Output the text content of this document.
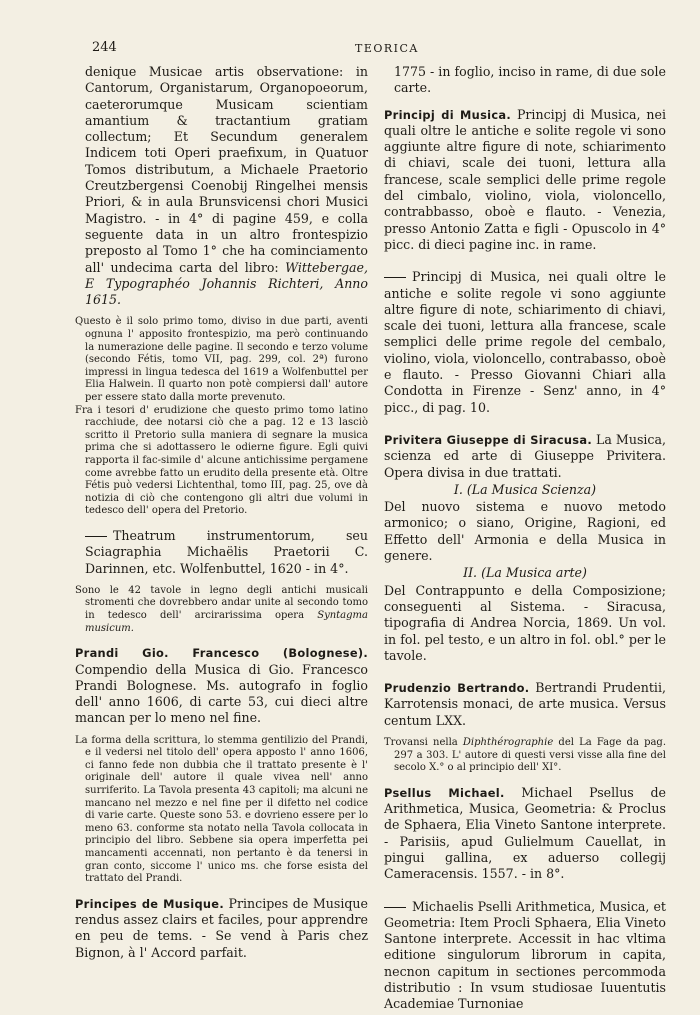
244	TEORICA

denique Musicae artis observatione: in Cantorum, Organistarum, Organopoeorum, caeterorumque Musicam scientiam amantium & tractantium gratiam collectum; Et Secundum generalem Indicem toti Operi praefixum, in Quatuor Tomos distributum, a Michaele Praetorio Creutzbergensi Coenobij Ringelhei mensis Priori, & in aula Brunsvicensi chori Musici Magistro. - in 4° di pagine 459, e colla seguente data in un altro frontespizio preposto al Tomo 1° che ha cominciamento all' undecima carta del libro: Wittebergae, E Typographéo Johannis Richteri, Anno 1615.

Questo è il solo primo tomo, diviso in due parti, aventi ognuna l' apposito frontespizio, ma però continuando la numerazione delle pagine. Il secondo e terzo volume (secondo Fétis, tomo VII, pag. 299, col. 2ª) furono impressi in lingua tedesca del 1619 a Wolfenbuttel per Elia Halwein. Il quarto non potè compiersi dall' autore per essere stato dalla morte prevenuto.

Fra i tesori d' erudizione che questo primo tomo latino racchiude, dee notarsi ciò che a pag. 12 e 13 lasciò scritto il Pretorio sulla maniera di segnare la musica prima che si adottassero le odierne figure. Egli quivi rapporta il fac-simile d' alcune antichissime pergamene come avrebbe fatto un erudito della presente età. Oltre Fétis può vedersi Lichtenthal, tomo III, pag. 25, ove dà notizia di ciò che contengono gli altri due volumi in tedesco dell' opera del Pretorio.

Theatrum instrumentorum, seu Sciagraphia Michaëlis Praetorii C. Darinnen, etc. Wolfenbuttel, 1620 - in 4°.

Sono le 42 tavole in legno degli antichi musicali stromenti che dovrebbero andar unite al secondo tomo in tedesco dell' arcirarissima opera Syntagma musicum.

Prandi Gio. Francesco (Bolognese). Compendio della Musica di Gio. Francesco Prandi Bolognese. Ms. autografo in foglio dell' anno 1606, di carte 53, cui dieci altre mancan per lo meno nel fine.

La forma della scrittura, lo stemma gentilizio del Prandi, e il vedersi nel titolo dell' opera apposto l' anno 1606, ci fanno fede non dubbia che il trattato presente è l' originale dell' autore il quale vivea nell' anno surriferito. La Tavola presenta 43 capitoli; ma alcuni ne mancano nel mezzo e nel fine per il difetto nel codice di varie carte. Queste sono 53. e dovrieno essere per lo meno 63. conforme sta notato nella Tavola collocata in principio del libro. Sebbene sia opera imperfetta pei mancamenti accennati, non pertanto è da tenersi in gran conto, siccome l' unico ms. che forse esista del trattato del Prandi.

Principes de Musique. Principes de Musique rendus assez clairs et faciles, pour apprendre en peu de tems. - Se vend à Paris chez Bignon, à l' Accord parfait.

1775 - in foglio, inciso in rame, di due sole carte.

Principj di Musica. Principj di Musica, nei quali oltre le antiche e solite regole vi sono aggiunte altre figure di note, schiarimento di chiavi, scale dei tuoni, lettura alla francese, scale semplici delle prime regole del cimbalo, violino, viola, violoncello, contrabbasso, oboè e flauto. - Venezia, presso Antonio Zatta e figli - Opuscolo in 4° picc. di dieci pagine inc. in rame.

Principj di Musica, nei quali oltre le antiche e solite regole vi sono aggiunte altre figure di note, schiarimento di chiavi, scale dei tuoni, lettura alla francese, scale semplici delle prime regole del cembalo, violino, viola, violoncello, contrabasso, oboè e flauto. - Presso Giovanni Chiari alla Condotta in Firenze - Senz' anno, in 4° picc., di pag. 10.

Privitera Giuseppe di Siracusa. La Musica, scienza ed arte di Giuseppe Privitera. Opera divisa in due trattati.

I. (La Musica Scienza)

Del nuovo sistema e nuovo metodo armonico; o siano, Origine, Ragioni, ed Effetto dell' Armonia e della Musica in genere.

II. (La Musica arte)

Del Contrappunto e della Composizione; conseguenti al Sistema. - Siracusa, tipografia di Andrea Norcia, 1869. Un vol. in fol. pel testo, e un altro in fol. obl.° per le tavole.

Prudenzio Bertrando. Bertrandi Prudentii, Karrotensis monaci, de arte musica. Versus centum LXX.

Trovansi nella Diphthérographie del La Fage da pag. 297 a 303. L' autore di questi versi visse alla fine del secolo X.° o al principio dell' XI°.

Psellus Michael. Michael Psellus de Arithmetica, Musica, Geometria: & Proclus de Sphaera, Elia Vineto Santone interprete. - Parisiis, apud Gulielmum Cauellat, in pingui gallina, ex aduerso collegij Cameracensis. 1557. - in 8°.

Michaelis Pselli Arithmetica, Musica, et Geometria: Item Procli Sphaera, Elia Vineto Santone interprete. Accessit in hac vltima editione singulorum librorum in capita, necnon capitum in sectiones percommoda distributio : In vsum studiosae Iuuentutis Academiae Turnoniae
